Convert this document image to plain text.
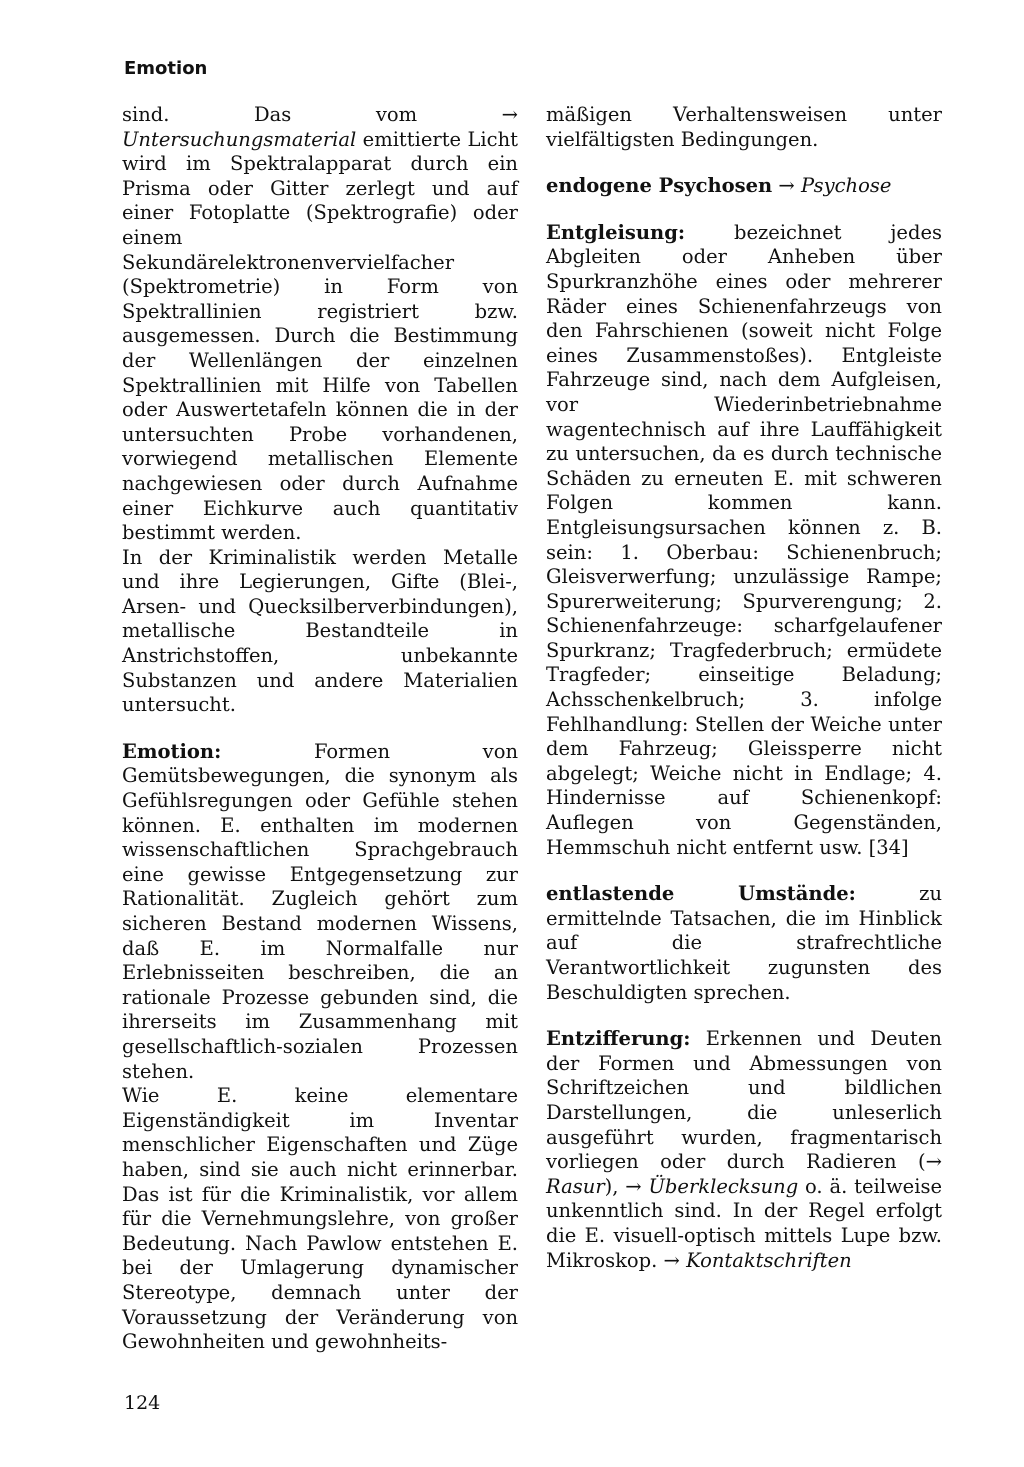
Emotion

sind. Das vom → Untersuchungsmaterial emittierte Licht wird im Spektralapparat durch ein Prisma oder Gitter zerlegt und auf einer Fotoplatte (Spektrografie) oder einem Sekundärelektronenvervielfacher (Spektrometrie) in Form von Spektrallinien registriert bzw. ausgemessen. Durch die Bestimmung der Wellenlängen der einzelnen Spektrallinien mit Hilfe von Tabellen oder Auswertetafeln können die in der untersuchten Probe vorhandenen, vorwiegend metallischen Elemente nachgewiesen oder durch Aufnahme einer Eichkurve auch quantitativ bestimmt werden.

In der Kriminalistik werden Metalle und ihre Legierungen, Gifte (Blei-, Arsen- und Quecksilberverbindungen), metallische Bestandteile in Anstrichstoffen, unbekannte Substanzen und andere Materialien untersucht.

Emotion: Formen von Gemütsbewegungen, die synonym als Gefühlsregungen oder Gefühle stehen können. E. enthalten im modernen wissenschaftlichen Sprachgebrauch eine gewisse Entgegensetzung zur Rationalität. Zugleich gehört zum sicheren Bestand modernen Wissens, daß E. im Normalfalle nur Erlebnisseiten beschreiben, die an rationale Prozesse gebunden sind, die ihrerseits im Zusammenhang mit gesellschaftlich-sozialen Prozessen stehen.

Wie E. keine elementare Eigenständigkeit im Inventar menschlicher Eigenschaften und Züge haben, sind sie auch nicht erinnerbar. Das ist für die Kriminalistik, vor allem für die Vernehmungslehre, von großer Bedeutung. Nach Pawlow entstehen E. bei der Umlagerung dynamischer Stereotype, demnach unter der Voraussetzung der Veränderung von Gewohnheiten und gewohnheits-

mäßigen Verhaltensweisen unter vielfältigsten Bedingungen.

endogene Psychosen → Psychose

Entgleisung: bezeichnet jedes Abgleiten oder Anheben über Spurkranzhöhe eines oder mehrerer Räder eines Schienenfahrzeugs von den Fahrschienen (soweit nicht Folge eines Zusammenstoßes). Entgleiste Fahrzeuge sind, nach dem Aufgleisen, vor Wiederinbetriebnahme wagentechnisch auf ihre Lauffähigkeit zu untersuchen, da es durch technische Schäden zu erneuten E. mit schweren Folgen kommen kann. Entgleisungsursachen können z. B. sein: 1. Oberbau: Schienenbruch; Gleisverwerfung; unzulässige Rampe; Spurerweiterung; Spurverengung; 2. Schienenfahrzeuge: scharfgelaufener Spurkranz; Tragfederbruch; ermüdete Tragfeder; einseitige Beladung; Achsschenkelbruch; 3. infolge Fehlhandlung: Stellen der Weiche unter dem Fahrzeug; Gleissperre nicht abgelegt; Weiche nicht in Endlage; 4. Hindernisse auf Schienenkopf: Auflegen von Gegenständen, Hemmschuh nicht entfernt usw. [34]

entlastende Umstände: zu ermittelnde Tatsachen, die im Hinblick auf die strafrechtliche Verantwortlichkeit zugunsten des Beschuldigten sprechen.

Entzifferung: Erkennen und Deuten der Formen und Abmessungen von Schriftzeichen und bildlichen Darstellungen, die unleserlich ausgeführt wurden, fragmentarisch vorliegen oder durch Radieren (→ Rasur), → Überklecksung o. ä. teilweise unkenntlich sind. In der Regel erfolgt die E. visuell-optisch mittels Lupe bzw. Mikroskop. → Kontaktschriften

124
